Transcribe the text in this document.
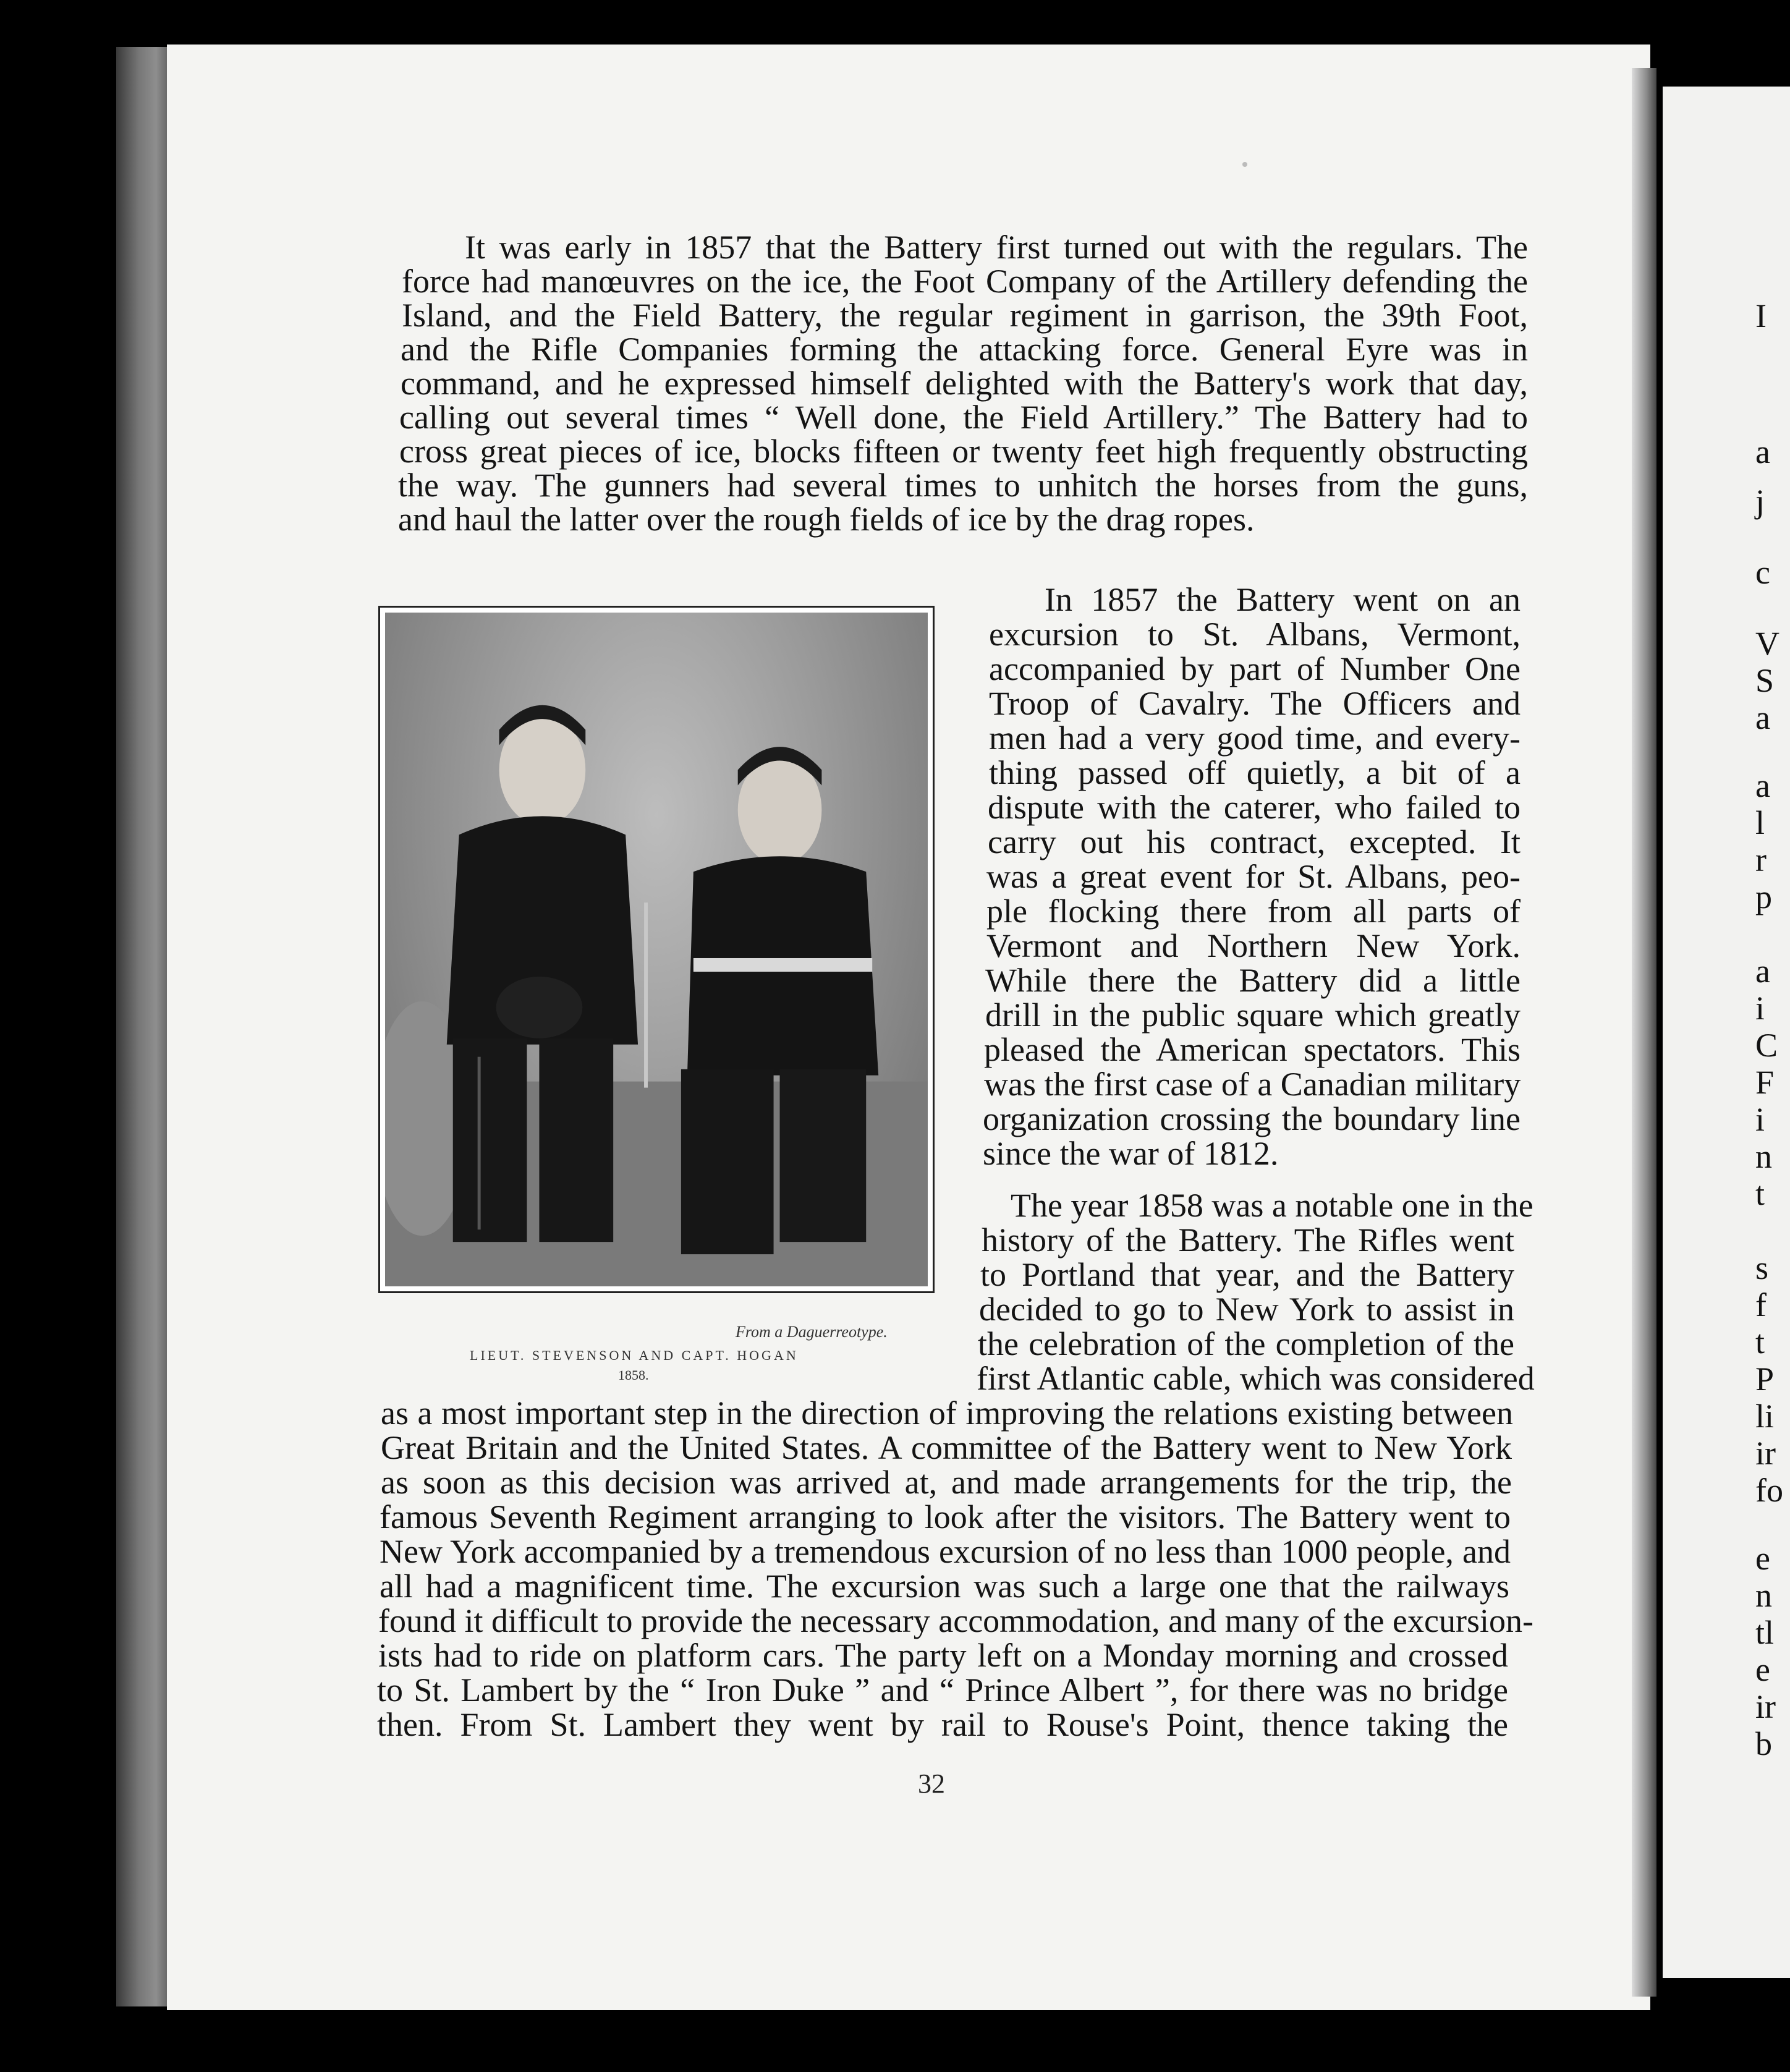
It was early in 1857 that the Battery first turned out with the regulars. The
force had manœuvres on the ice, the Foot Company of the Artillery defending the
Island, and the Field Battery, the regular regiment in garrison, the 39th Foot,
and the Rifle Companies forming the attacking force. General Eyre was in
command, and he expressed himself delighted with the Battery's work that day,
calling out several times “ Well done, the Field Artillery.” The Battery had to
cross great pieces of ice, blocks fifteen or twenty feet high frequently obstructing
the way. The gunners had several times to unhitch the horses from the guns,
and haul the latter over the rough fields of ice by the drag ropes.
From a Daguerreotype.
LIEUT. STEVENSON AND CAPT. HOGAN
1858.
In 1857 the Battery went on an
excursion to St. Albans, Vermont,
accompanied by part of Number One
Troop of Cavalry. The Officers and
men had a very good time, and every-
thing passed off quietly, a bit of a
dispute with the caterer, who failed to
carry out his contract, excepted. It
was a great event for St. Albans, peo-
ple flocking there from all parts of
Vermont and Northern New York.
While there the Battery did a little
drill in the public square which greatly
pleased the American spectators. This
was the first case of a Canadian military
organization crossing the boundary line
since the war of 1812.
The year 1858 was a notable one in the
history of the Battery. The Rifles went
to Portland that year, and the Battery
decided to go to New York to assist in
the celebration of the completion of the
first Atlantic cable, which was considered
as a most important step in the direction of improving the relations existing between
Great Britain and the United States. A committee of the Battery went to New York
as soon as this decision was arrived at, and made arrangements for the trip, the
famous Seventh Regiment arranging to look after the visitors. The Battery went to
New York accompanied by a tremendous excursion of no less than 1000 people, and
all had a magnificent time. The excursion was such a large one that the railways
found it difficult to provide the necessary accommodation, and many of the excursion-
ists had to ride on platform cars. The party left on a Monday morning and crossed
to St. Lambert by the “ Iron Duke ” and “ Prince Albert ”, for there was no bridge
then. From St. Lambert they went by rail to Rouse's Point, thence taking the
32
I
a
j
c
V
S
a
a
l
r
p
a
i
C
F
i
n
t
s
f
t
P
li
ir
fo
e
n
tl
e
ir
b
